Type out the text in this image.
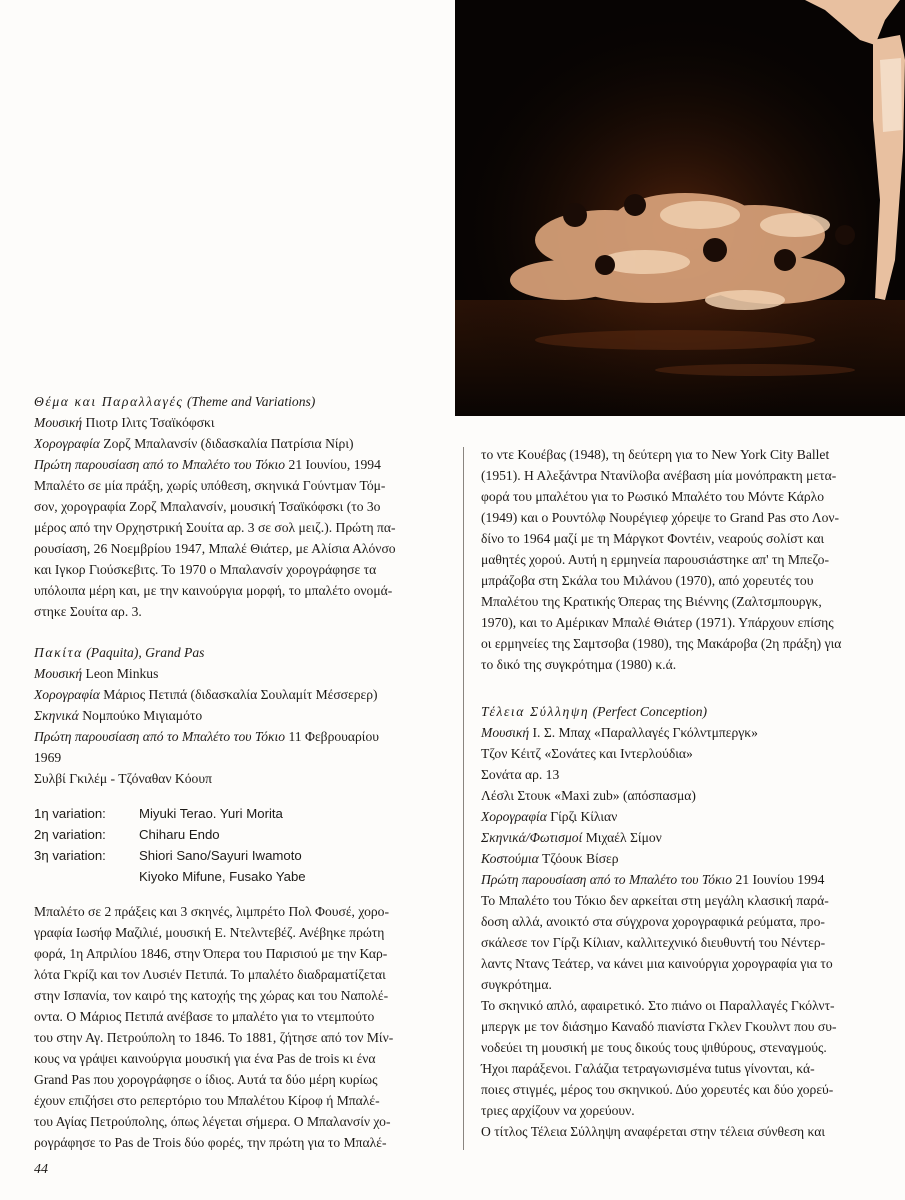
Θέμα και Παραλλαγές (Theme and Variations)

Μουσική Πιοτρ Ιλιτς Τσαϊκόφσκι

Χορογραφία Ζορζ Μπαλανσίν (διδασκαλία Πατρίσια Νίρι)

Πρώτη παρουσίαση από το Μπαλέτο του Τόκιο 21 Ιουνίου, 1994

Μπαλέτο σε μία πράξη, χωρίς υπόθεση, σκηνικά Γούντμαν Τόμ-

σον, χορογραφία Ζορζ Μπαλανσίν, μουσική Τσαϊκόφσκι (το 3ο

μέρος από την Ορχηστρική Σουίτα αρ. 3 σε σολ μειζ.). Πρώτη πα-

ρουσίαση, 26 Νοεμβρίου 1947, Μπαλέ Θιάτερ, με Αλίσια Αλόνσο

και Ιγκορ Γιούσκεβιτς. Το 1970 ο Μπαλανσίν χορογράφησε τα

υπόλοιπα μέρη και, με την καινούργια μορφή, το μπαλέτο ονομά-

στηκε Σουίτα αρ. 3.

Πακίτα (Paquita), Grand Pas

Μουσική Leon Minkus

Χορογραφία Μάριος Πετιπά (διδασκαλία Σουλαμίτ Μέσσερερ)

Σκηνικά Νομπούκο Μιγιαμότο

Πρώτη παρουσίαση από το Μπαλέτο του Τόκιο 11 Φεβρουαρίου

1969

Συλβί Γκιλέμ - Τζόναθαν Κόουπ

1η variation:	Miyuki Terao. Yuri Morita
2η variation:	Chiharu Endo
3η variation:	Shiori Sano/Sayuri Iwamoto
Kiyoko Mifune, Fusako Yabe

Μπαλέτο σε 2 πράξεις και 3 σκηνές, λιμπρέτο Πολ Φουσέ, χορο-

γραφία Ιωσήφ Μαζιλιέ, μουσική Ε. Ντελντεβέζ. Ανέβηκε πρώτη

φορά, 1η Απριλίου 1846, στην Όπερα του Παρισιού με την Καρ-

λότα Γκρίζι και τον Λυσιέν Πετιπά. Το μπαλέτο διαδραματίζεται

στην Ισπανία, τον καιρό της κατοχής της χώρας και του Ναπολέ-

οντα. Ο Μάριος Πετιπά ανέβασε το μπαλέτο για το ντεμπούτο

του στην Αγ. Πετρούπολη το 1846. Το 1881, ζήτησε από τον Μίν-

κους να γράψει καινούργια μουσική για ένα Pas de trois κι ένα

Grand Pas που χορογράφησε ο ίδιος. Αυτά τα δύο μέρη κυρίως

έχουν επιζήσει στο ρεπερτόριο του Μπαλέτου Κίροφ ή Μπαλέ-

του Αγίας Πετρούπολης, όπως λέγεται σήμερα. Ο Μπαλανσίν χο-

ρογράφησε το Pas de Trois δύο φορές, την πρώτη για το Μπαλέ-

το ντε Κουέβας (1948), τη δεύτερη για το New York City Ballet

(1951). Η Αλεξάντρα Ντανίλοβα ανέβαση μία μονόπρακτη μετα-

φορά του μπαλέτου για το Ρωσικό Μπαλέτο του Μόντε Κάρλο

(1949) και ο Ρουντόλφ Νουρέγιεφ χόρεψε το Grand Pas στο Λον-

δίνο το 1964 μαζί με τη Μάργκοτ Φοντέιν, νεαρούς σολίστ και

μαθητές χορού. Αυτή η ερμηνεία παρουσιάστηκε απ' τη Μπεζο-

μπράζοβα στη Σκάλα του Μιλάνου (1970), από χορευτές του

Μπαλέτου της Κρατικής Όπερας της Βιέννης (Ζαλτσμπουργκ,

1970), και το Αμέρικαν Μπαλέ Θιάτερ (1971). Υπάρχουν επίσης

οι ερμηνείες της Σαμτσοβα (1980), της Μακάροβα (2η πράξη) για

το δικό της συγκρότημα (1980) κ.ά.

Τέλεια Σύλληψη (Perfect Conception)

Μουσική Ι. Σ. Μπαχ «Παραλλαγές Γκόλντμπεργκ»

Τζον Κέιτζ «Σονάτες και Ιντερλούδια»

Σονάτα αρ. 13

Λέσλι Στουκ «Maxi zub» (απόσπασμα)

Χορογραφία Γίρζι Κίλιαν

Σκηνικά/Φωτισμοί Μιχαέλ Σίμον

Κοστούμια Τζόουκ Βίσερ

Πρώτη παρουσίαση από το Μπαλέτο του Τόκιο 21 Ιουνίου 1994

Το Μπαλέτο του Τόκιο δεν αρκείται στη μεγάλη κλασική παρά-

δοση αλλά, ανοικτό στα σύγχρονα χορογραφικά ρεύματα, προ-

σκάλεσε τον Γίρζι Κίλιαν, καλλιτεχνικό διευθυντή του Νέντερ-

λαντς Ντανς Τεάτερ, να κάνει μια καινούργια χορογραφία για το

συγκρότημα.

Το σκηνικό απλό, αφαιρετικό. Στο πιάνο οι Παραλλαγές Γκόλντ-

μπεργκ με τον διάσημο Καναδό πιανίστα Γκλεν Γκουλντ που συ-

νοδεύει τη μουσική με τους δικούς τους ψιθύρους, στεναγμούς.

Ήχοι παράξενοι. Γαλάζια τετραγωνισμένα tutus γίνονται, κά-

ποιες στιγμές, μέρος του σκηνικού. Δύο χορευτές και δύο χορεύ-

τριες αρχίζουν να χορεύουν.

Ο τίτλος Τέλεια Σύλληψη αναφέρεται στην τέλεια σύνθεση και

44
